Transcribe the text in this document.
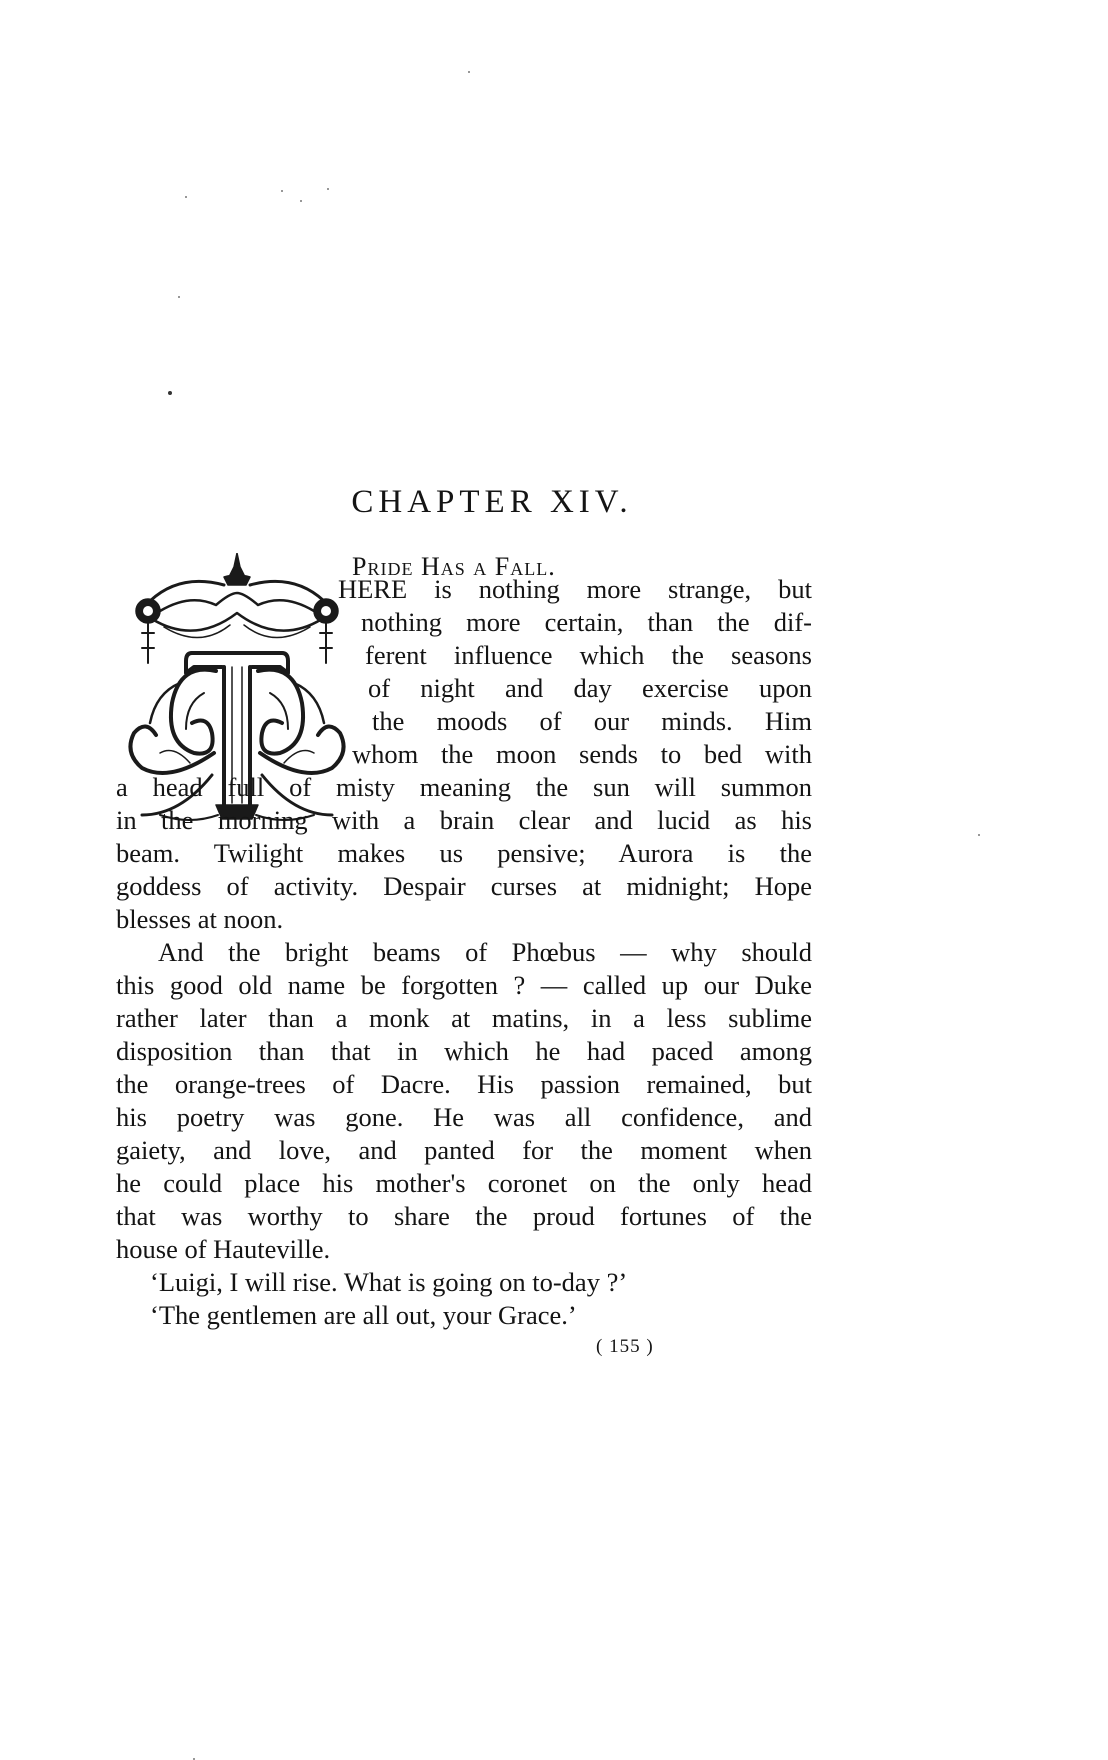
CHAPTER XIV.
Pride Has a Fall.
HERE is nothing more strange, but
nothing more certain, than the dif-
ferent influence which the seasons
of night and day exercise upon
the moods of our minds. Him
whom the moon sends to bed with
a head full of misty meaning the sun will summon
in the morning with a brain clear and lucid as his
beam. Twilight makes us pensive; Aurora is the
goddess of activity. Despair curses at midnight; Hope
blesses at noon.
And the bright beams of Phœbus — why should
this good old name be forgotten ? — called up our Duke
rather later than a monk at matins, in a less sublime
disposition than that in which he had paced among
the orange-trees of Dacre. His passion remained, but
his poetry was gone. He was all confidence, and
gaiety, and love, and panted for the moment when
he could place his mother's coronet on the only head
that was worthy to share the proud fortunes of the
house of Hauteville.
‘Luigi, I will rise. What is going on to-day ?’
‘The gentlemen are all out, your Grace.’
( 155 )
